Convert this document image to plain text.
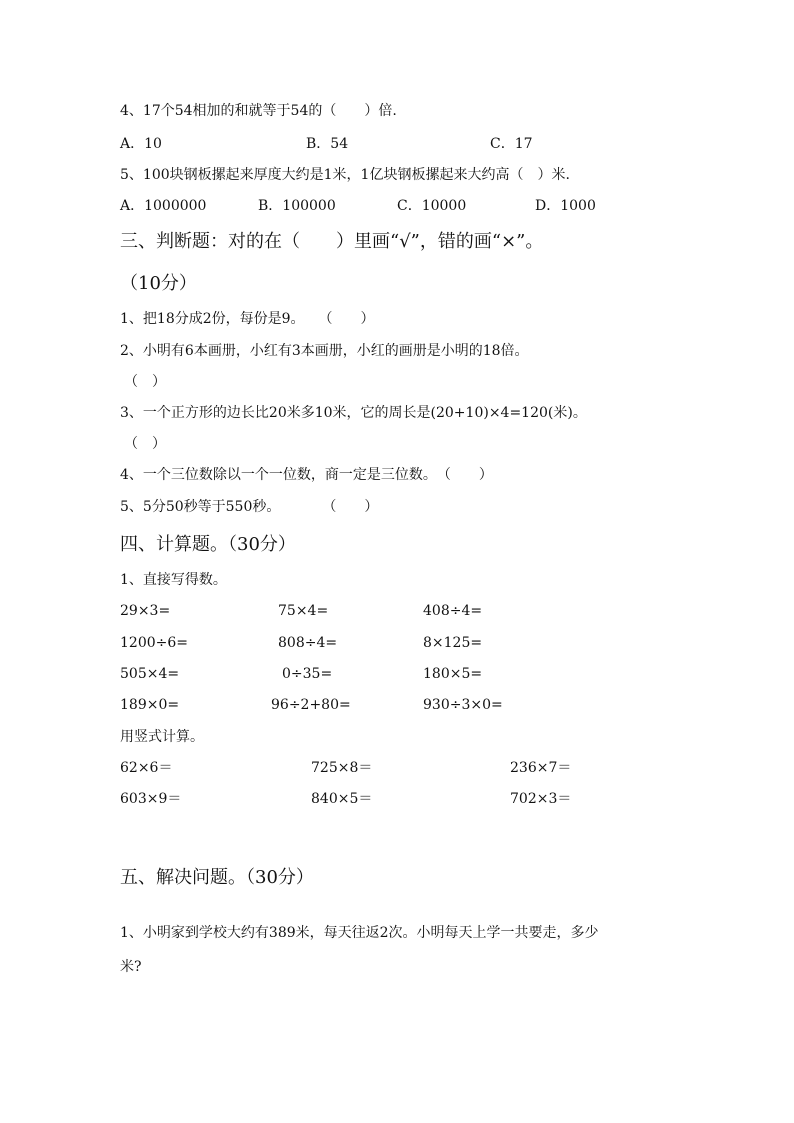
4、17个54相加的和就等于54的（　　）倍.
A．10	B．54	C．17
5、100块钢板摞起来厚度大约是1米，1亿块钢板摞起来大约高（　）米.
A．1000000	B．100000	C．10000	D．1000
三、判断题：对的在（　　）里画“√”，错的画“×”。
（10分）
1、把18分成2份，每份是9。　　（　　）
2、小明有6本画册，小红有3本画册，小红的画册是小明的18倍。
（　）
3、一个正方形的边长比20米多10米，它的周长是(20+10)×4=120(米)。
（　）
4、一个三位数除以一个一位数，商一定是三位数。　（　　）
5、5分50秒等于550秒。　　　　（　　）
四、计算题。（30分）
1、直接写得数。
29×3=	75×4=	408÷4=
1200÷6=	808÷4=	8×125=
505×4=	0÷35=	180×5=
189×0=	96÷2+80=	930÷3×0=
用竖式计算。
62×6＝	725×8＝	236×7＝
603×9＝	840×5＝	702×3＝
五、解决问题。（30分）
1、小明家到学校大约有389米，每天往返2次。小明每天上学一共要走，多少
米?
